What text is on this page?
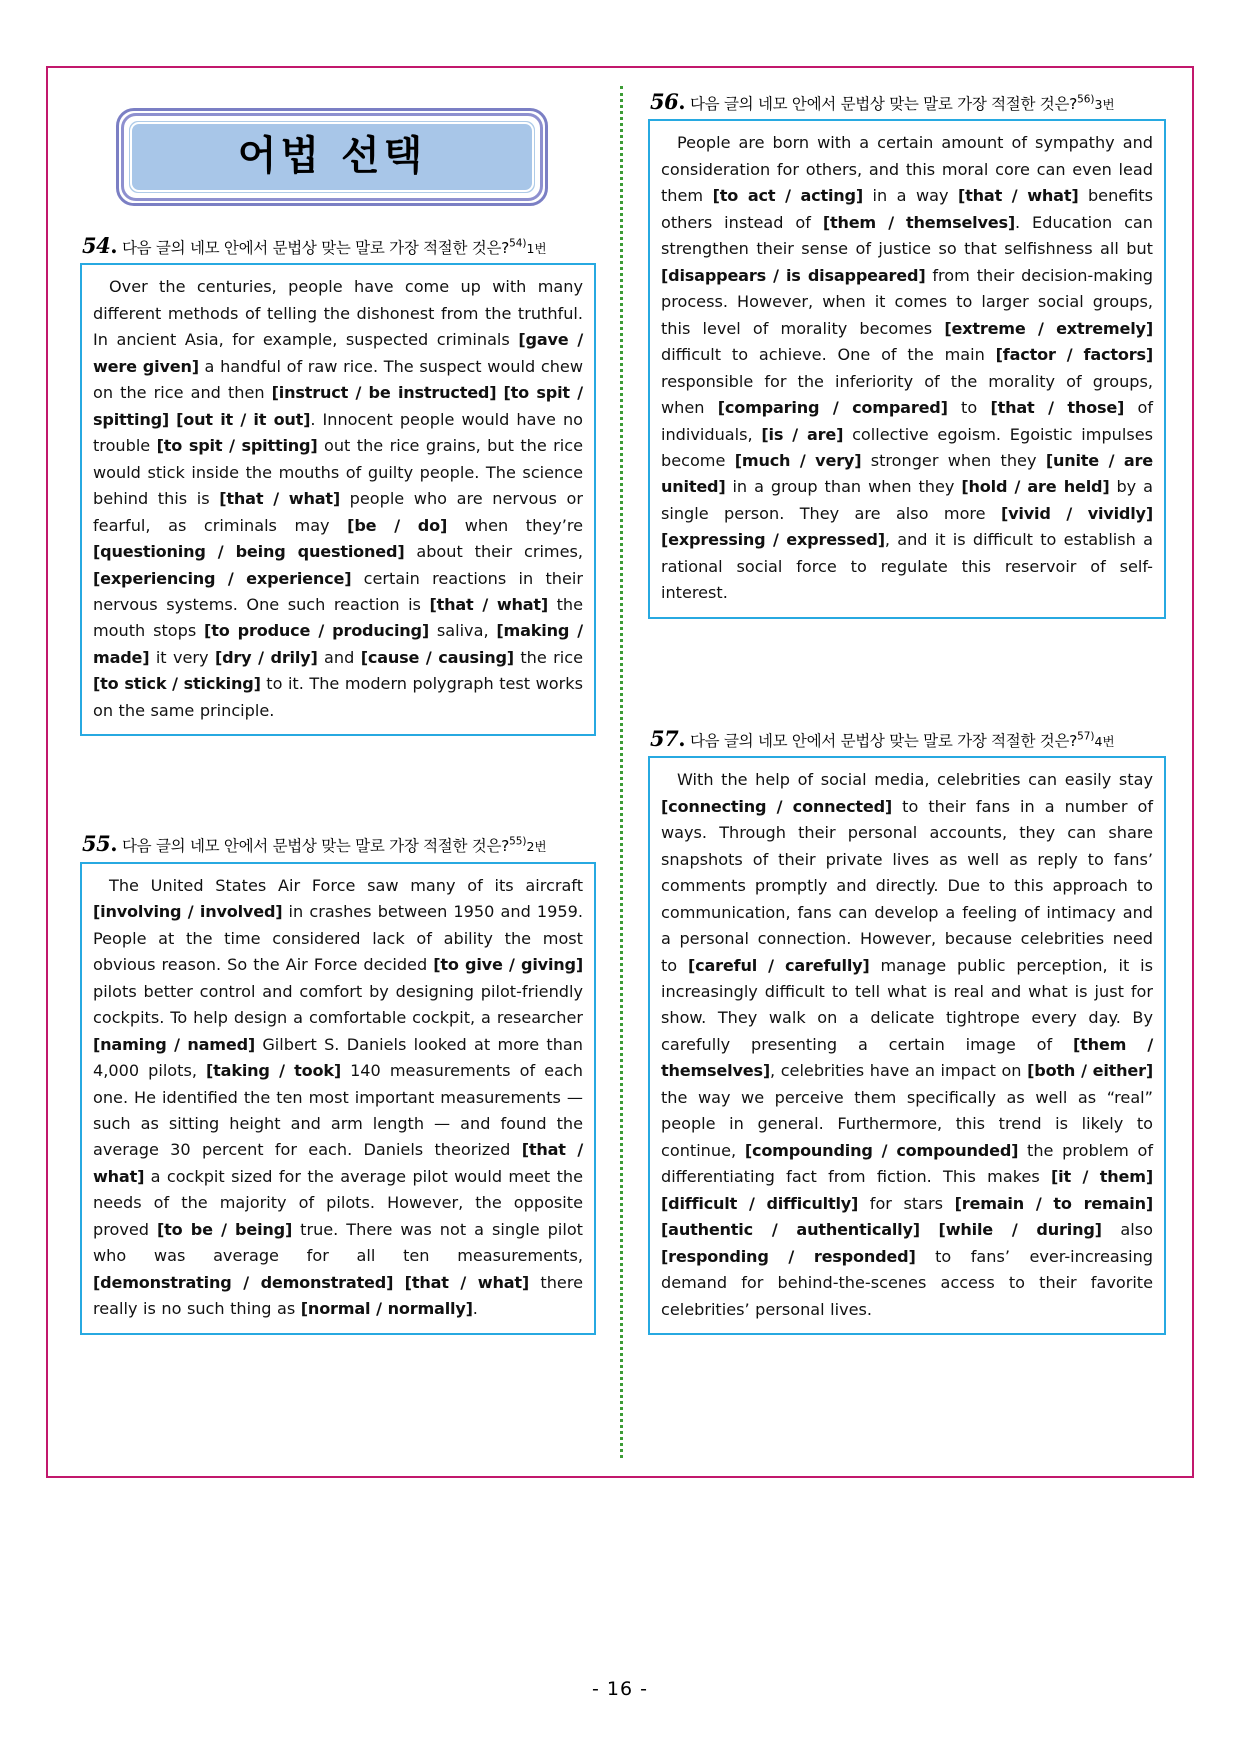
어법 선택
54. 다음 글의 네모 안에서 문법상 맞는 말로 가장 적절한 것은?$^{54)}$1번
Over the centuries, people have come up with many different methods of telling the dishonest from the truthful. In ancient Asia, for example, suspected criminals [gave / were given] a handful of raw rice. The suspect would chew on the rice and then [instruct / be instructed] [to spit / spitting] [out it / it out]. Innocent people would have no trouble [to spit / spitting] out the rice grains, but the rice would stick inside the mouths of guilty people. The science behind this is [that / what] people who are nervous or fearful, as criminals may [be / do] when they’re [questioning / being questioned] about their crimes, [experiencing / experience] certain reactions in their nervous systems. One such reaction is [that / what] the mouth stops [to produce / producing] saliva, [making / made] it very [dry / drily] and [cause / causing] the rice [to stick / sticking] to it. The modern polygraph test works on the same principle.
55. 다음 글의 네모 안에서 문법상 맞는 말로 가장 적절한 것은?$^{55)}$2번
The United States Air Force saw many of its aircraft [involving / involved] in crashes between 1950 and 1959. People at the time considered lack of ability the most obvious reason. So the Air Force decided [to give / giving] pilots better control and comfort by designing pilot-friendly cockpits. To help design a comfortable cockpit, a researcher [naming / named] Gilbert S. Daniels looked at more than 4,000 pilots, [taking / took] 140 measurements of each one. He identified the ten most important measurements — such as sitting height and arm length — and found the average 30 percent for each. Daniels theorized [that / what] a cockpit sized for the average pilot would meet the needs of the majority of pilots. However, the opposite proved [to be / being] true. There was not a single pilot who was average for all ten measurements, [demonstrating / demonstrated] [that / what] there really is no such thing as [normal / normally].
56. 다음 글의 네모 안에서 문법상 맞는 말로 가장 적절한 것은?$^{56)}$3번
People are born with a certain amount of sympathy and consideration for others, and this moral core can even lead them [to act / acting] in a way [that / what] benefits others instead of [them / themselves]. Education can strengthen their sense of justice so that selfishness all but [disappears / is disappeared] from their decision-making process. However, when it comes to larger social groups, this level of morality becomes [extreme / extremely] difficult to achieve. One of the main [factor / factors] responsible for the inferiority of the morality of groups, when [comparing / compared] to [that / those] of individuals, [is / are] collective egoism. Egoistic impulses become [much / very] stronger when they [unite / are united] in a group than when they [hold / are held] by a single person. They are also more [vivid / vividly] [expressing / expressed], and it is difficult to establish a rational social force to regulate this reservoir of self-interest.
57. 다음 글의 네모 안에서 문법상 맞는 말로 가장 적절한 것은?$^{57)}$4번
With the help of social media, celebrities can easily stay [connecting / connected] to their fans in a number of ways. Through their personal accounts, they can share snapshots of their private lives as well as reply to fans’ comments promptly and directly. Due to this approach to communication, fans can develop a feeling of intimacy and a personal connection. However, because celebrities need to [careful / carefully] manage public perception, it is increasingly difficult to tell what is real and what is just for show. They walk on a delicate tightrope every day. By carefully presenting a certain image of [them / themselves], celebrities have an impact on [both / either] the way we perceive them specifically as well as “real” people in general. Furthermore, this trend is likely to continue, [compounding / compounded] the problem of differentiating fact from fiction. This makes [it / them] [difficult / difficultly] for stars [remain / to remain] [authentic / authentically] [while / during] also [responding / responded] to fans’ ever-increasing demand for behind-the-scenes access to their favorite celebrities’ personal lives.
- 16 -
